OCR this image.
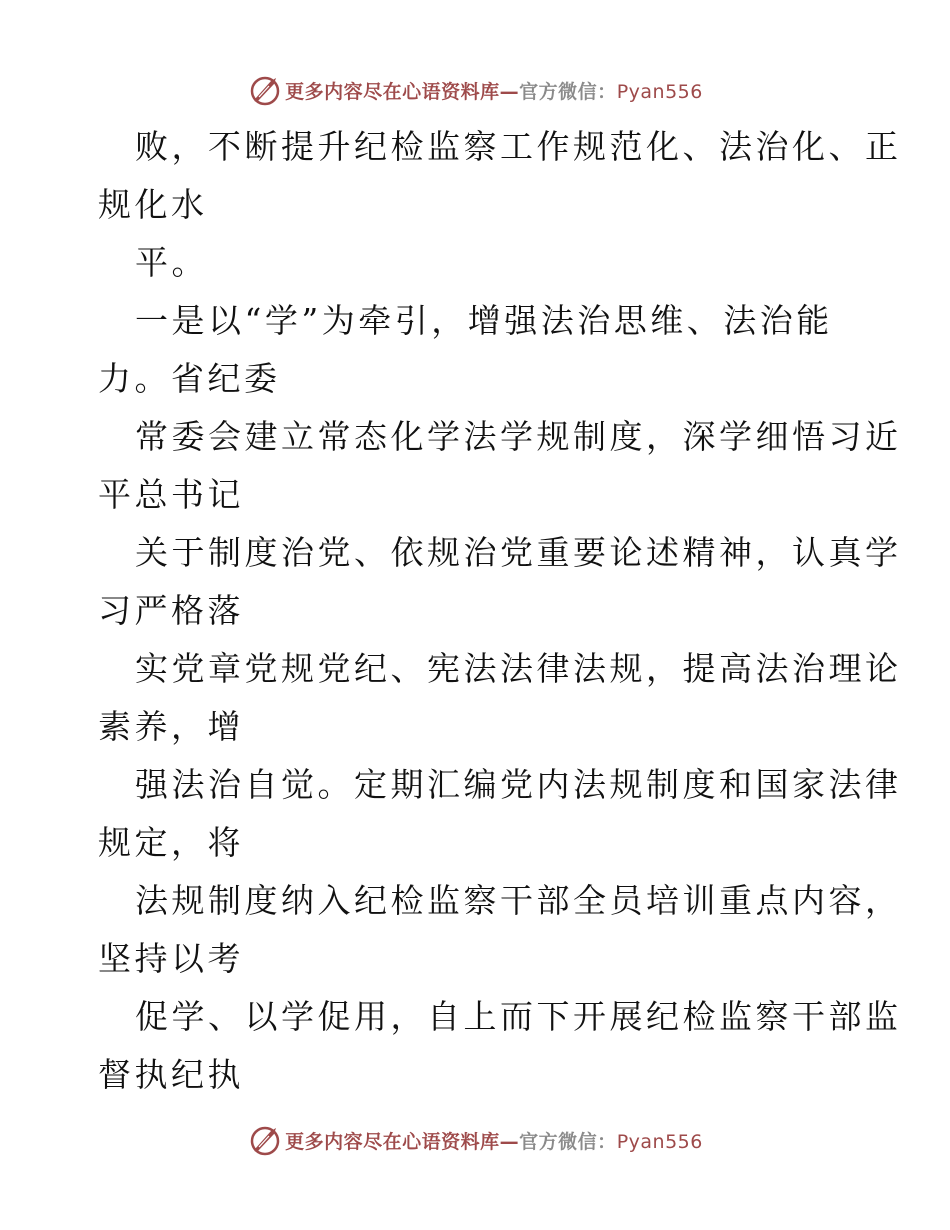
更多内容尽在心语资料库—官方微信：Pyan556
败，不断提升纪检监察工作规范化、法治化、正
规化水
平。
一是以“学”为牵引，增强法治思维、法治能
力。省纪委
常委会建立常态化学法学规制度，深学细悟习近
平总书记
关于制度治党、依规治党重要论述精神，认真学
习严格落
实党章党规党纪、宪法法律法规，提高法治理论
素养，增
强法治自觉。定期汇编党内法规制度和国家法律
规定，将
法规制度纳入纪检监察干部全员培训重点内容，
坚持以考
促学、以学促用，自上而下开展纪检监察干部监
督执纪执
更多内容尽在心语资料库—官方微信：Pyan556
